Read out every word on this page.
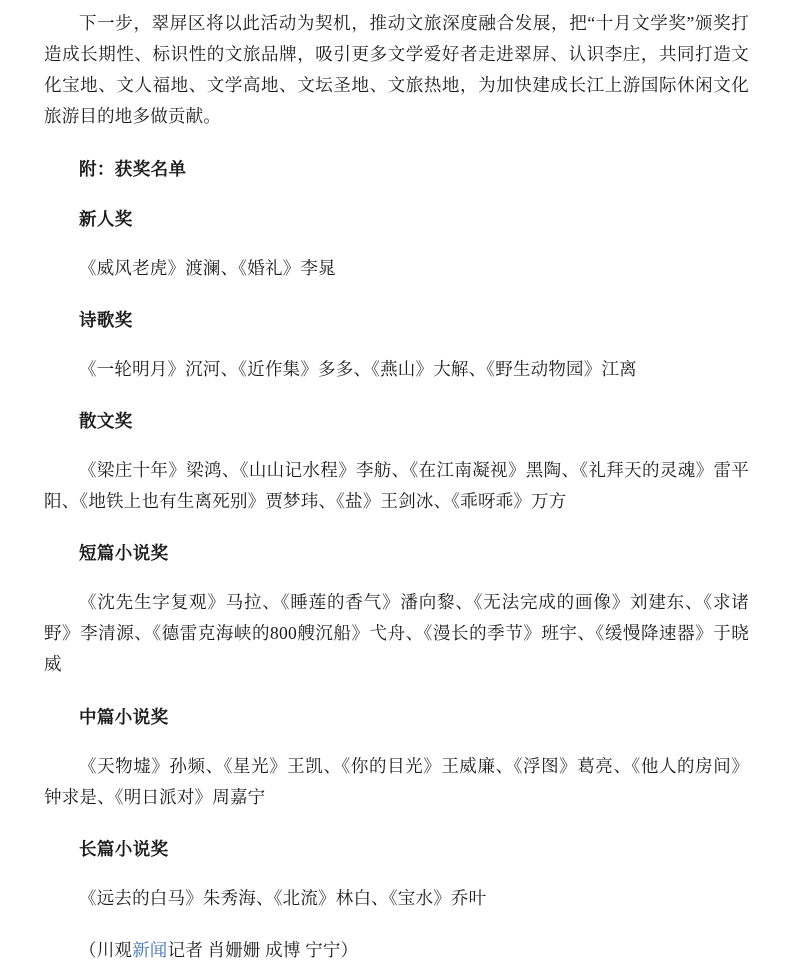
下一步，翠屏区将以此活动为契机，推动文旅深度融合发展，把“十月文学奖”颁奖打造成长期性、标识性的文旅品牌，吸引更多文学爱好者走进翠屏、认识李庄，共同打造文化宝地、文人福地、文学高地、文坛圣地、文旅热地，为加快建成长江上游国际休闲文化旅游目的地多做贡献。

附：获奖名单

新人奖

《威风老虎》渡澜、《婚礼》李晁

诗歌奖

《一轮明月》沉河、《近作集》多多、《燕山》大解、《野生动物园》江离

散文奖

《梁庄十年》梁鸿、《山山记水程》李舫、《在江南凝视》黑陶、《礼拜天的灵魂》雷平阳、《地铁上也有生离死别》贾梦玮、《盐》王剑冰、《乖呀乖》万方

短篇小说奖

《沈先生字复观》马拉、《睡莲的香气》潘向黎、《无法完成的画像》刘建东、《求诸野》李清源、《德雷克海峡的800艘沉船》弋舟、《漫长的季节》班宇、《缓慢降速器》于晓威

中篇小说奖

《天物墟》孙频、《星光》王凯、《你的目光》王威廉、《浮图》葛亮、《他人的房间》钟求是、《明日派对》周嘉宁

长篇小说奖

《远去的白马》朱秀海、《北流》林白、《宝水》乔叶

（川观新闻记者 肖姗姗 成博 宁宁）
